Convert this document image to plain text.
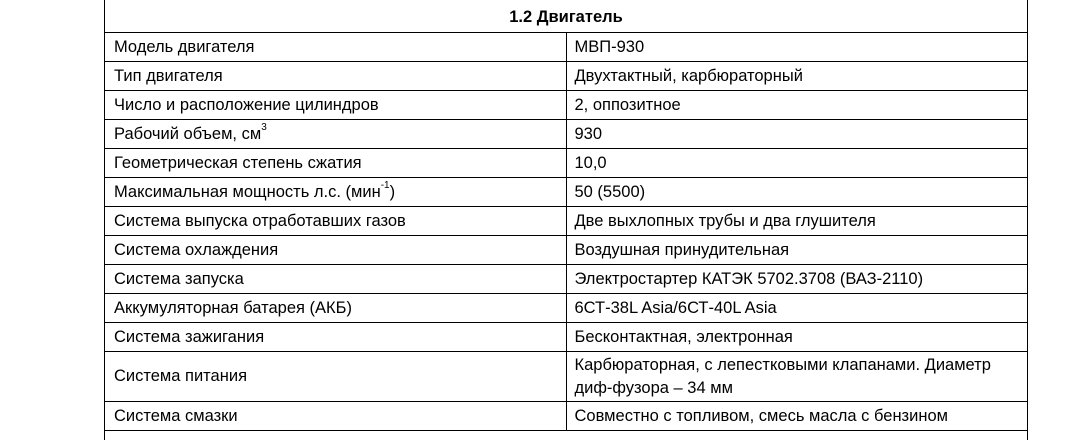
1.2 Двигатель	
Модель двигателя	МВП-930
Тип двигателя	Двухтактный, карбюраторный
Число и расположение цилиндров	2, оппозитное
Рабочий объем, $см^3$	930
Геометрическая степень сжатия	10,0
Максимальная мощность л.с. (мин$^{-1}$)	50 (5500)
Система выпуска отработавших газов	Две выхлопных трубы и два глушителя
Система охлаждения	Воздушная принудительная
Система запуска	Электростартер КАТЭК 5702.3708 (ВАЗ-2110)
Аккумуляторная батарея (АКБ)	6СТ-38L Asia/6СТ-40L Asia
Система зажигания	Бесконтактная, электронная
Система питания	Карбюраторная, с лепестковыми клапанами. Диаметр диф-фузора – 34 мм
Система смазки	Совместно с топливом, смесь масла с бензином
